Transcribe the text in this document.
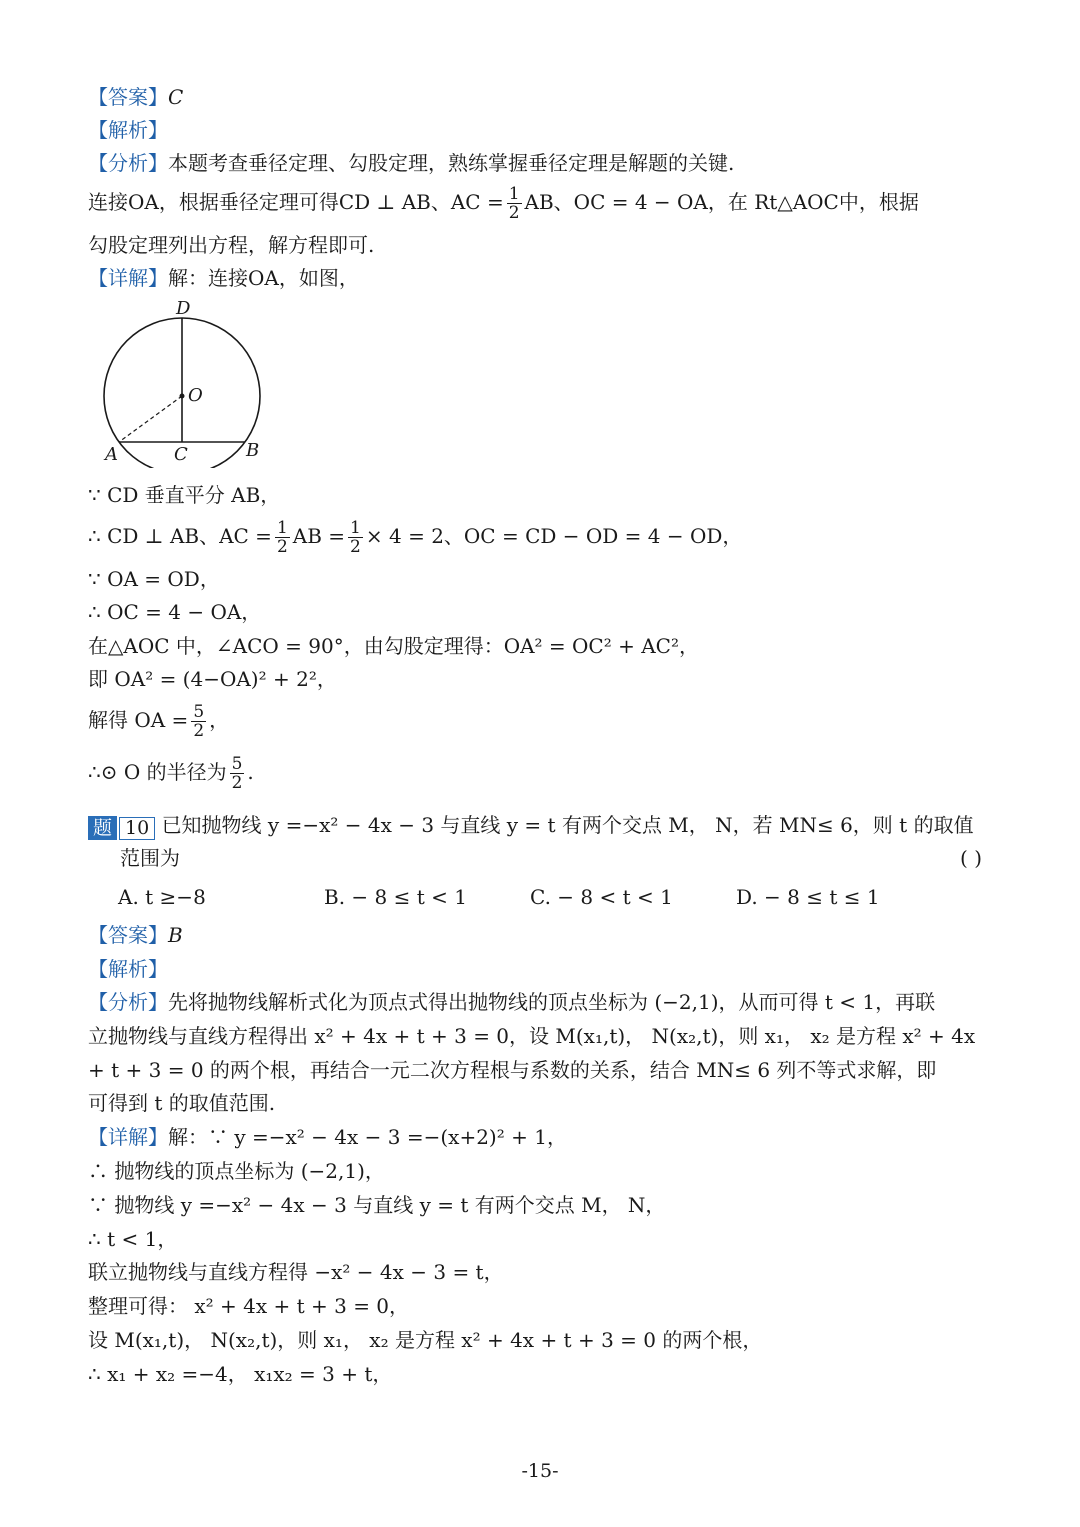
【答案】C
【解析】
【分析】本题考查垂径定理、勾股定理，熟练掌握垂径定理是解题的关键.
连接OA，根据垂径定理可得CD ⊥ AB、AC = $\frac{1}{2}$ AB、OC = 4 − OA，在 Rt△AOC中，根据
勾股定理列出方程，解方程即可.
【详解】解：连接OA，如图，
D
O
A	C	B
∵ CD 垂直平分 AB，
∴ CD ⊥ AB、AC = $\frac{1}{2}$ AB = $\frac{1}{2} \times 4 = 2$、OC = CD − OD = 4 − OD，
∵ OA = OD，
∴ OC = 4 − OA，
在△AOC 中，∠ACO = 90°，由勾股定理得：OA² = OC² + AC²，
即 OA² = (4−OA)² + 2²，
解得 OA = $\frac{5}{2}$ ，
∴⊙ O 的半径为 $\frac{5}{2}$ .
题 10 已知抛物线 y =−x² − 4x − 3 与直线 y = t 有两个交点 M， N，若 MN≤ 6，则 t 的取值
范围为	( )
A. t ≥−8	B. − 8 ≤ t < 1	C. − 8 < t < 1	D. − 8 ≤ t ≤ 1
【答案】B
【解析】
【分析】先将抛物线解析式化为顶点式得出抛物线的顶点坐标为 (−2,1)，从而可得 t < 1，再联
立抛物线与直线方程得出 x² + 4x + t + 3 = 0，设 M(x₁,t)， N(x₂,t)，则 x₁， x₂ 是方程 x² + 4x
+ t + 3 = 0 的两个根，再结合一元二次方程根与系数的关系，结合 MN≤ 6 列不等式求解，即
可得到 t 的取值范围.
【详解】解：∵ y =−x² − 4x − 3 =−(x+2)² + 1，
∴ 抛物线的顶点坐标为 (−2,1)，
∵ 抛物线 y =−x² − 4x − 3 与直线 y = t 有两个交点 M， N，
∴ t < 1，
联立抛物线与直线方程得 −x² − 4x − 3 = t，
整理可得： x² + 4x + t + 3 = 0，
设 M(x₁,t)， N(x₂,t)，则 x₁， x₂ 是方程 x² + 4x + t + 3 = 0 的两个根，
∴ x₁ + x₂ =−4， x₁x₂ = 3 + t，
-15-
